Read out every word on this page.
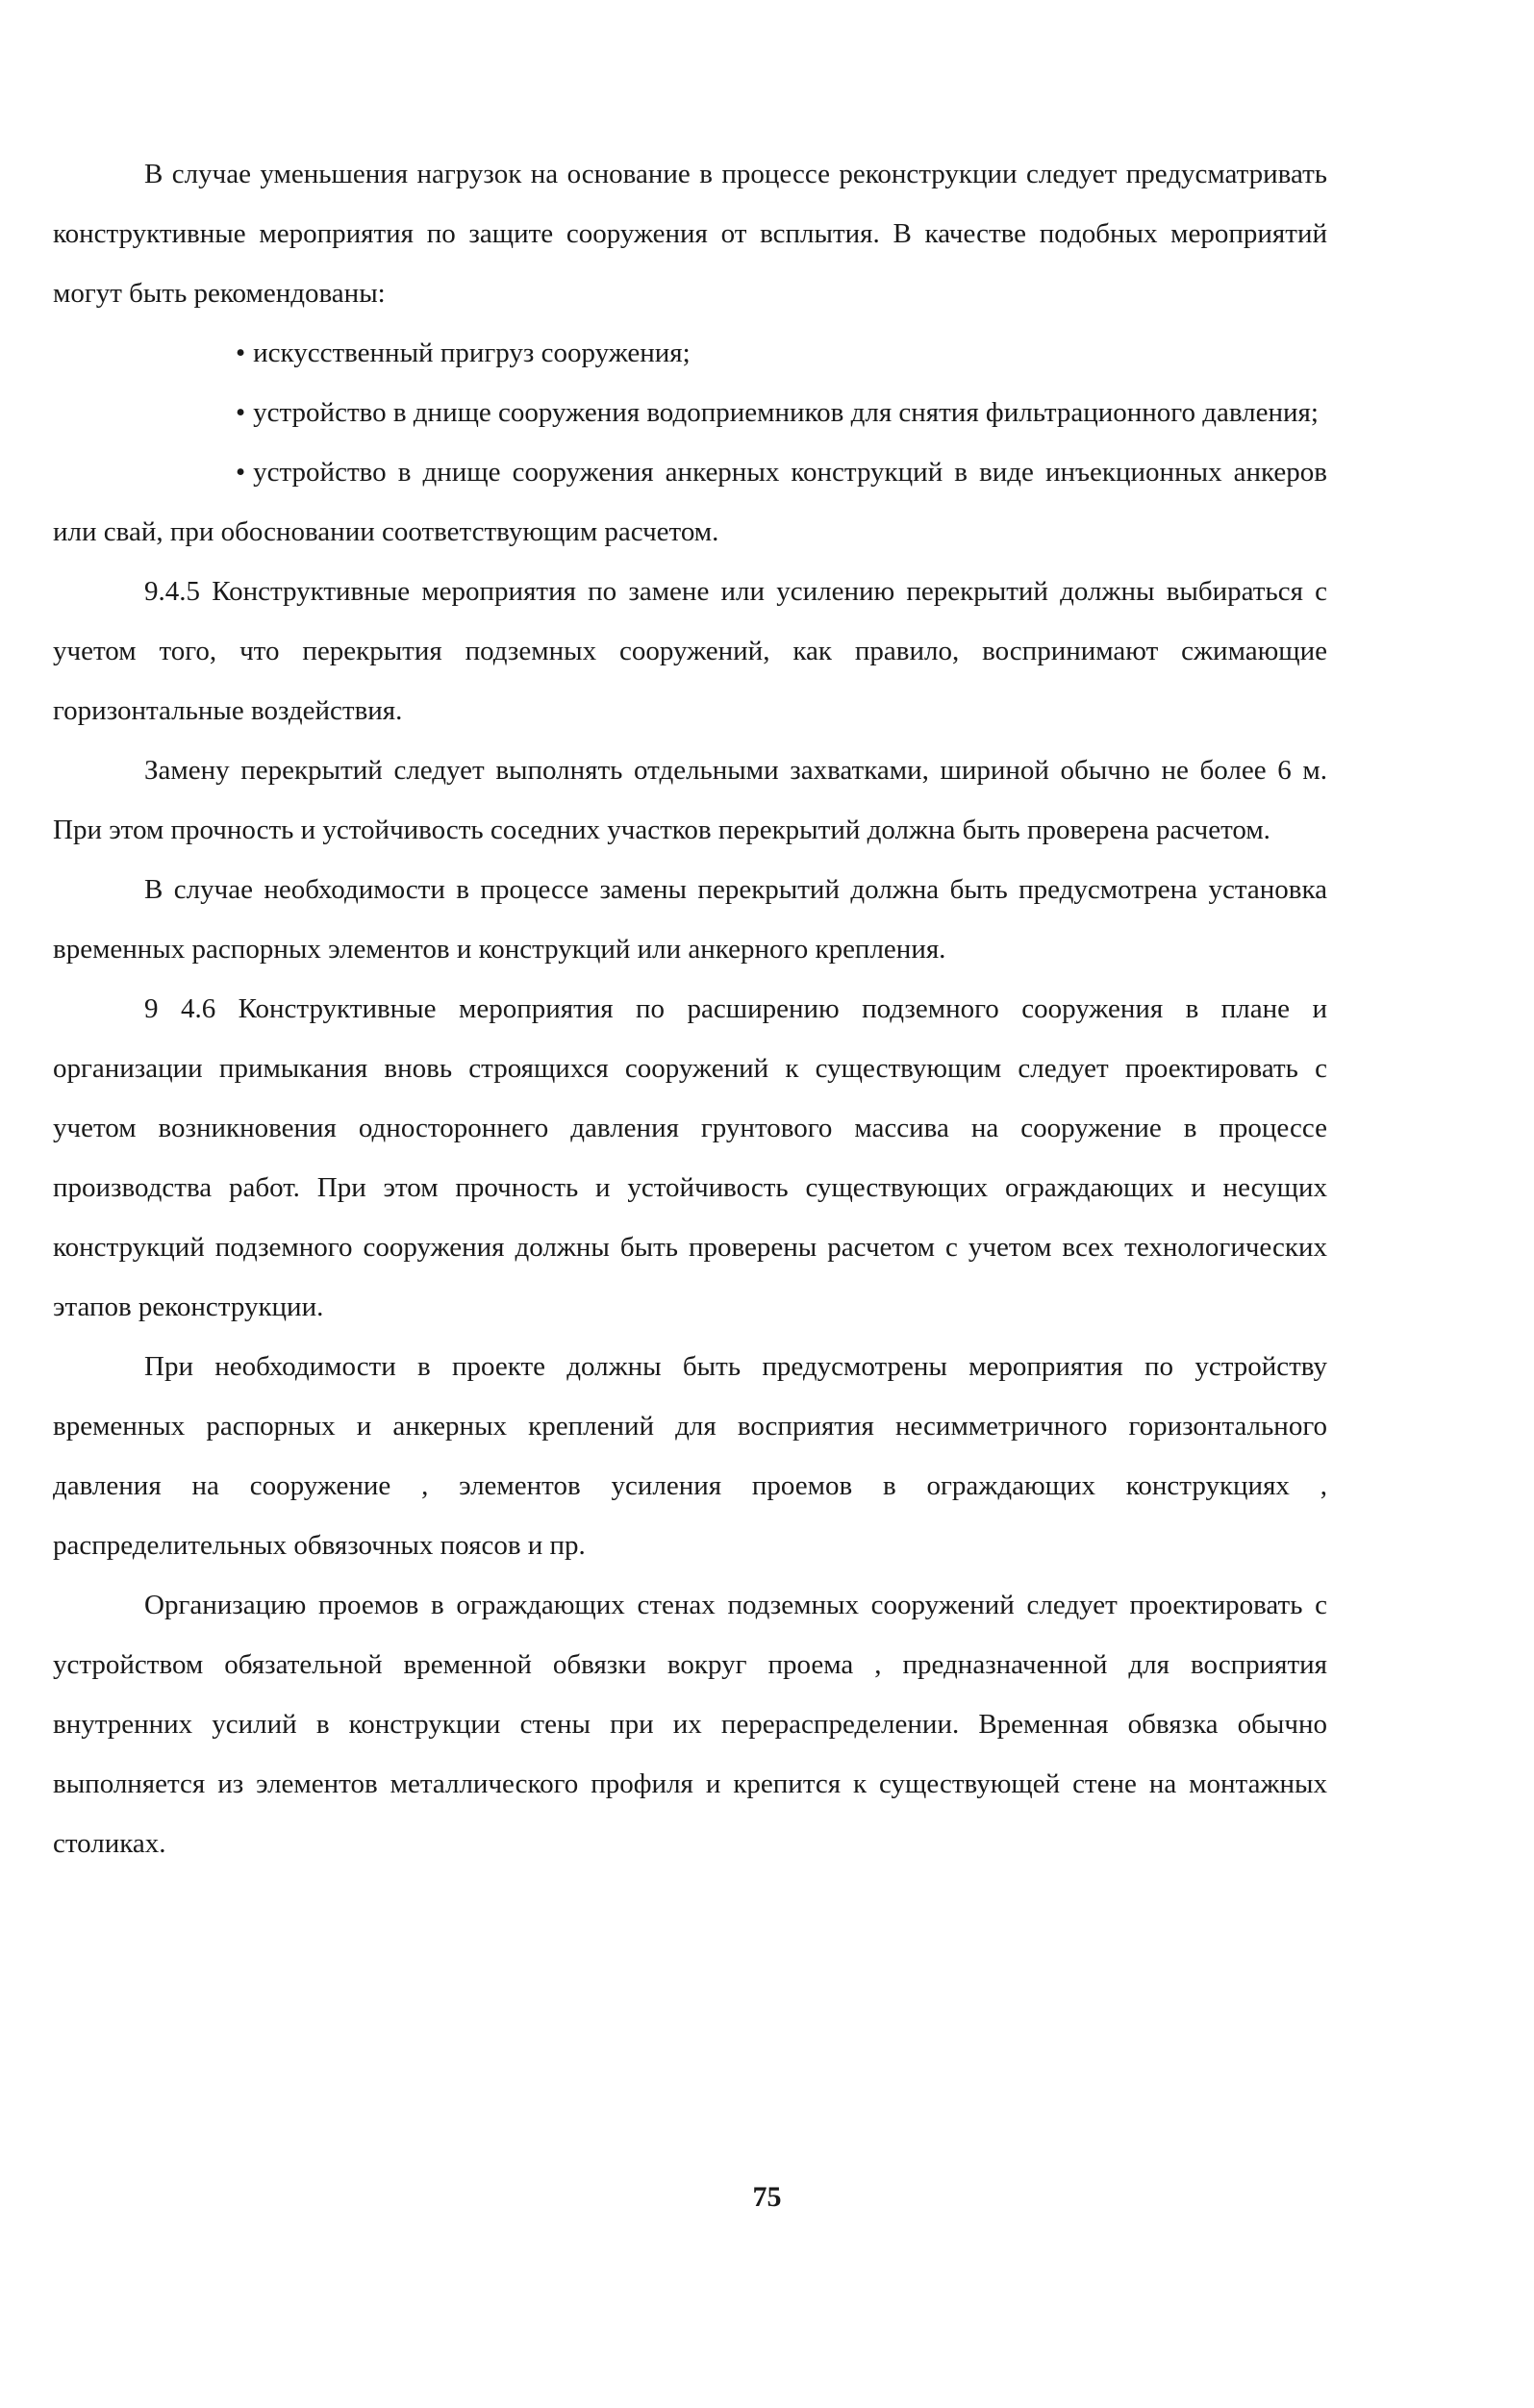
В случае уменьшения нагрузок на основание в процессе реконструкции следует предусматривать конструктивные мероприятия по защите сооружения от всплытия. В качестве подобных мероприятий могут быть рекомендованы:

• искусственный пригруз сооружения;

• устройство в днище сооружения водоприемников для снятия фильтрационного давления;

• устройство в днище сооружения анкерных конструкций в виде инъекционных анкеров или свай, при обосновании соответствующим расчетом.

9.4.5 Конструктивные мероприятия по замене или усилению перекрытий должны выбираться с учетом того, что перекрытия подземных сооружений, как правило, воспринимают сжимающие горизонтальные воздействия.

Замену перекрытий следует выполнять отдельными захватками, шириной обычно не более 6 м. При этом прочность и устойчивость соседних участков перекрытий должна быть проверена расчетом.

В случае необходимости в процессе замены перекрытий должна быть предусмотрена установка временных распорных элементов и конструкций или анкерного крепления.

9 4.6 Конструктивные мероприятия по расширению подземного сооружения в плане и организации примыкания вновь строящихся сооружений к существующим следует проектировать с учетом возникновения одностороннего давления грунтового массива на сооружение в процессе производства работ. При этом прочность и устойчивость существующих ограждающих и несущих конструкций подземного сооружения должны быть проверены расчетом с учетом всех технологических этапов реконструкции.

При необходимости в проекте должны быть предусмотрены мероприятия по устройству временных распорных и анкерных креплений для восприятия несимметричного горизонтального давления на сооружение , элементов усиления проемов в ограждающих конструкциях , распределительных обвязочных поясов и пр.

Организацию проемов в ограждающих стенах подземных сооружений следует проектировать с устройством обязательной временной обвязки вокруг проема , предназначенной для восприятия внутренних усилий в конструкции стены при их перераспределении. Временная обвязка обычно выполняется из элементов металлического профиля и крепится к существующей стене на монтажных столиках.

75
